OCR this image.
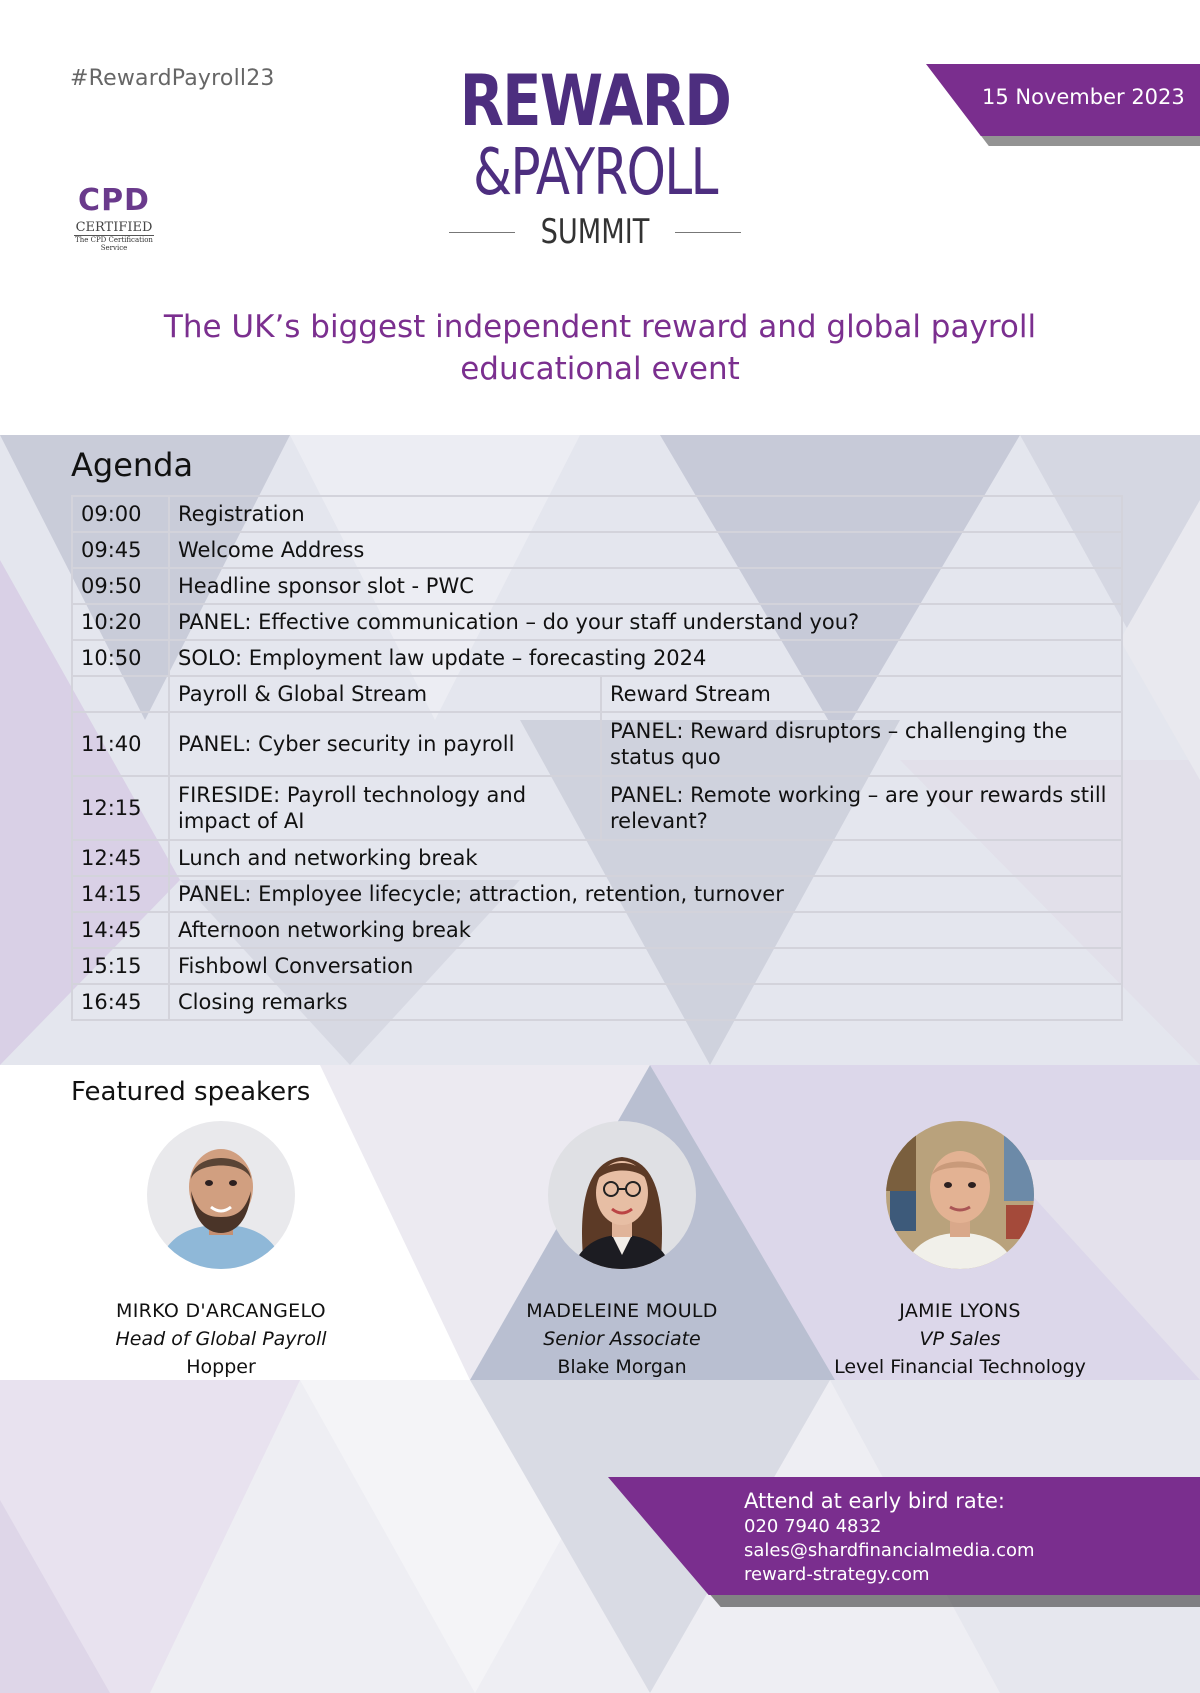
#RewardPayroll23
15 November 2023
CPD
CERTIFIED
The CPD Certification Service
REWARD
&PAYROLL
SUMMIT
The UK’s biggest independent reward and global payroll educational event
Agenda
09:00	Registration	
09:45	Welcome Address	
09:50	Headline sponsor slot - PWC	
10:20	PANEL: Effective communication – do your staff understand you?	
10:50	SOLO: Employment law update – forecasting 2024	
	Payroll & Global Stream	Reward Stream
11:40	PANEL: Cyber security in payroll	PANEL: Reward disruptors – challenging the status quo
12:15	FIRESIDE: Payroll technology and impact of AI	PANEL: Remote working – are your rewards still relevant?
12:45	Lunch and networking break	
14:15	PANEL: Employee lifecycle; attraction, retention, turnover	
14:45	Afternoon networking break	
15:15	Fishbowl Conversation	
16:45	Closing remarks	
Featured speakers
MIRKO D'ARCANGELO
Head of Global Payroll
Hopper
MADELEINE MOULD
Senior Associate
Blake Morgan
JAMIE LYONS
VP Sales
Level Financial Technology
Attend at early bird rate:
020 7940 4832
sales@shardfinancialmedia.com
reward-strategy.com
